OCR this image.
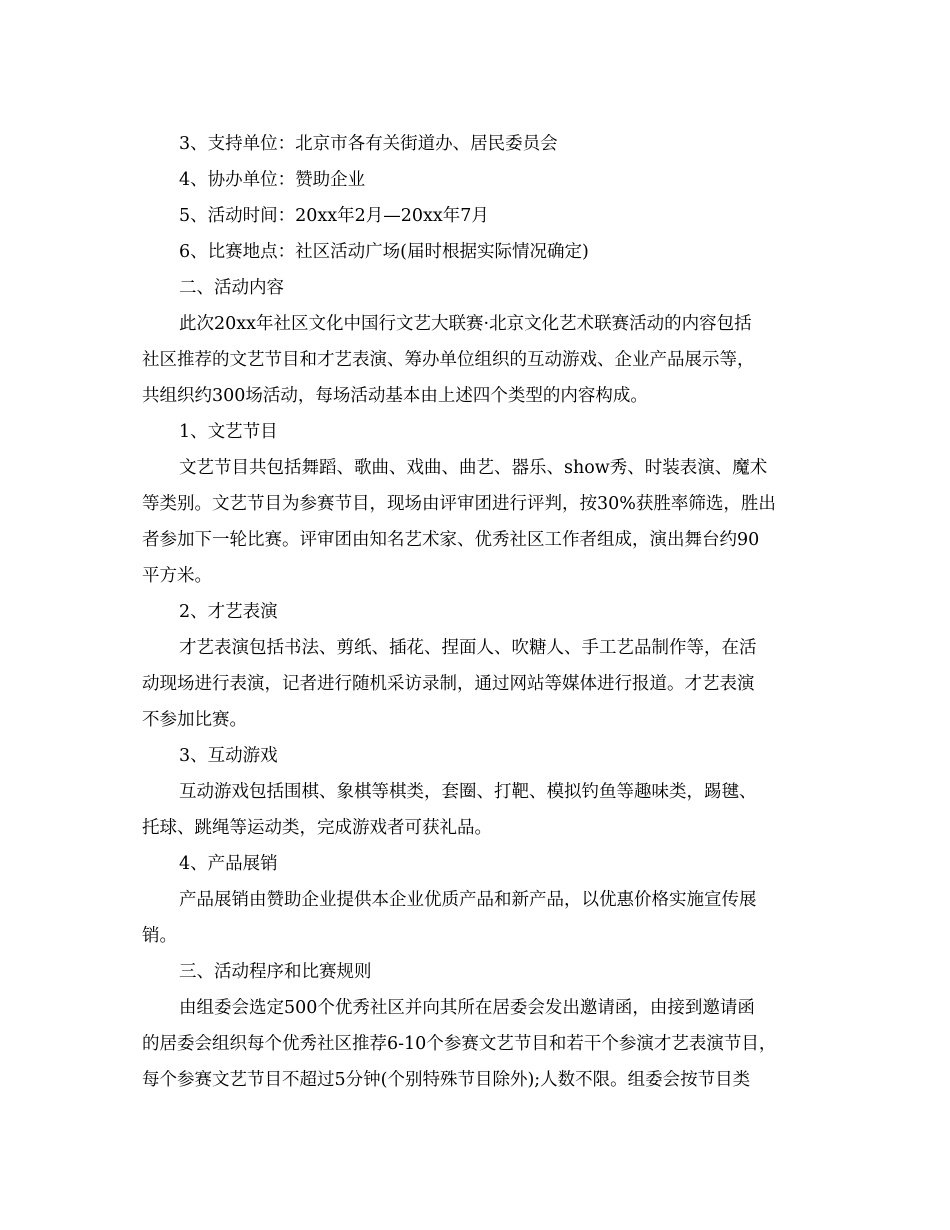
3、支持单位：北京市各有关街道办、居民委员会
4、协办单位：赞助企业
5、活动时间：20xx年2月—20xx年7月
6、比赛地点：社区活动广场(届时根据实际情况确定)
二、活动内容
此次20xx年社区文化中国行文艺大联赛·北京文化艺术联赛活动的内容包括
社区推荐的文艺节目和才艺表演、筹办单位组织的互动游戏、企业产品展示等，
共组织约300场活动，每场活动基本由上述四个类型的内容构成。
1、文艺节目
文艺节目共包括舞蹈、歌曲、戏曲、曲艺、器乐、show秀、时装表演、魔术
等类别。文艺节目为参赛节目，现场由评审团进行评判，按30%获胜率筛选，胜出
者参加下一轮比赛。评审团由知名艺术家、优秀社区工作者组成，演出舞台约90
平方米。
2、才艺表演
才艺表演包括书法、剪纸、插花、捏面人、吹糖人、手工艺品制作等，在活
动现场进行表演，记者进行随机采访录制，通过网站等媒体进行报道。才艺表演
不参加比赛。
3、互动游戏
互动游戏包括围棋、象棋等棋类，套圈、打靶、模拟钓鱼等趣味类，踢毽、
托球、跳绳等运动类，完成游戏者可获礼品。
4、产品展销
产品展销由赞助企业提供本企业优质产品和新产品，以优惠价格实施宣传展
销。
三、活动程序和比赛规则
由组委会选定500个优秀社区并向其所在居委会发出邀请函，由接到邀请函
的居委会组织每个优秀社区推荐6-10个参赛文艺节目和若干个参演才艺表演节目，
每个参赛文艺节目不超过5分钟(个别特殊节目除外);人数不限。组委会按节目类
